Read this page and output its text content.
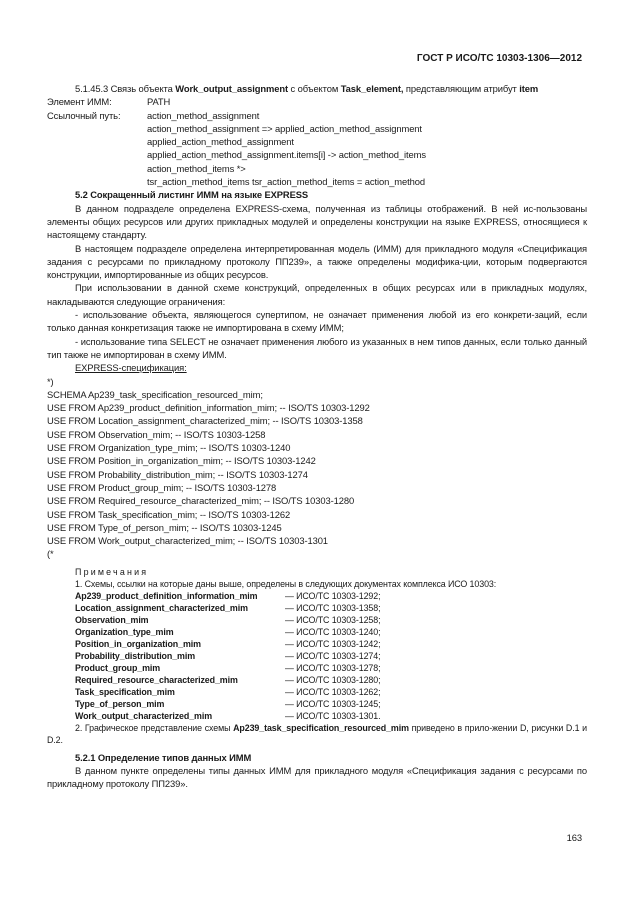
ГОСТ Р ИСО/ТС 10303-1306—2012

5.1.45.3 Связь объекта Work_output_assignment с объектом Task_element, представляющим атрибут item

Элемент ИММ:	PATH
Ссылочный путь:	action_method_assignment
action_method_assignment => applied_action_method_assignment
applied_action_method_assignment
applied_action_method_assignment.items[i] -> action_method_items
action_method_items *>
tsr_action_method_items tsr_action_method_items = action_method
5.2 Сокращенный листинг ИММ на языке EXPRESS

В данном подразделе определена EXPRESS-схема, полученная из таблицы отображений. В ней ис-пользованы элементы общих ресурсов или других прикладных модулей и определены конструкции на языке EXPRESS, относящиеся к настоящему стандарту.

В настоящем подразделе определена интерпретированная модель (ИММ) для прикладного модуля «Спецификация задания с ресурсами по прикладному протоколу ПП239», а также определены модифика-ции, которым подвергаются конструкции, импортированные из общих ресурсов.

При использовании в данной схеме конструкций, определенных в общих ресурсах или в прикладных модулях, накладываются следующие ограничения:

- использование объекта, являющегося супертипом, не означает применения любой из его конкрети-заций, если только данная конкретизация также не импортирована в схему ИММ;

- использование типа SELECT не означает применения любого из указанных в нем типов данных, если только данный тип также не импортирован в схему ИММ.

EXPRESS-спецификация:
*)
SCHEMA Ap239_task_specification_resourced_mim;
USE FROM Ap239_product_definition_information_mim; -- ISO/TS 10303-1292
USE FROM Location_assignment_characterized_mim; -- ISO/TS 10303-1358
USE FROM Observation_mim; -- ISO/TS 10303-1258
USE FROM Organization_type_mim; -- ISO/TS 10303-1240
USE FROM Position_in_organization_mim; -- ISO/TS 10303-1242
USE FROM Probability_distribution_mim; -- ISO/TS 10303-1274
USE FROM Product_group_mim; -- ISO/TS 10303-1278
USE FROM Required_resource_characterized_mim; -- ISO/TS 10303-1280
USE FROM Task_specification_mim; -- ISO/TS 10303-1262
USE FROM Type_of_person_mim; -- ISO/TS 10303-1245
USE FROM Work_output_characterized_mim; -- ISO/TS 10303-1301
(*
Примечания
1. Схемы, ссылки на которые даны выше, определены в следующих документах комплекса ИСО 10303:
Ap239_product_definition_information_mim	— ИСО/ТС 10303-1292;
Location_assignment_characterized_mim	— ИСО/ТС 10303-1358;
Observation_mim	— ИСО/ТС 10303-1258;
Organization_type_mim	— ИСО/ТС 10303-1240;
Position_in_organization_mim	— ИСО/ТС 10303-1242;
Probability_distribution_mim	— ИСО/ТС 10303-1274;
Product_group_mim	— ИСО/ТС 10303-1278;
Required_resource_characterized_mim	— ИСО/ТС 10303-1280;
Task_specification_mim	— ИСО/ТС 10303-1262;
Type_of_person_mim	— ИСО/ТС 10303-1245;
Work_output_characterized_mim	— ИСО/ТС 10303-1301.
2. Графическое представление схемы Ap239_task_specification_resourced_mim приведено в прило-жении D, рисунки D.1 и D.2.
5.2.1 Определение типов данных ИММ

В данном пункте определены типы данных ИММ для прикладного модуля «Спецификация задания с ресурсами по прикладному протоколу ПП239».

163
